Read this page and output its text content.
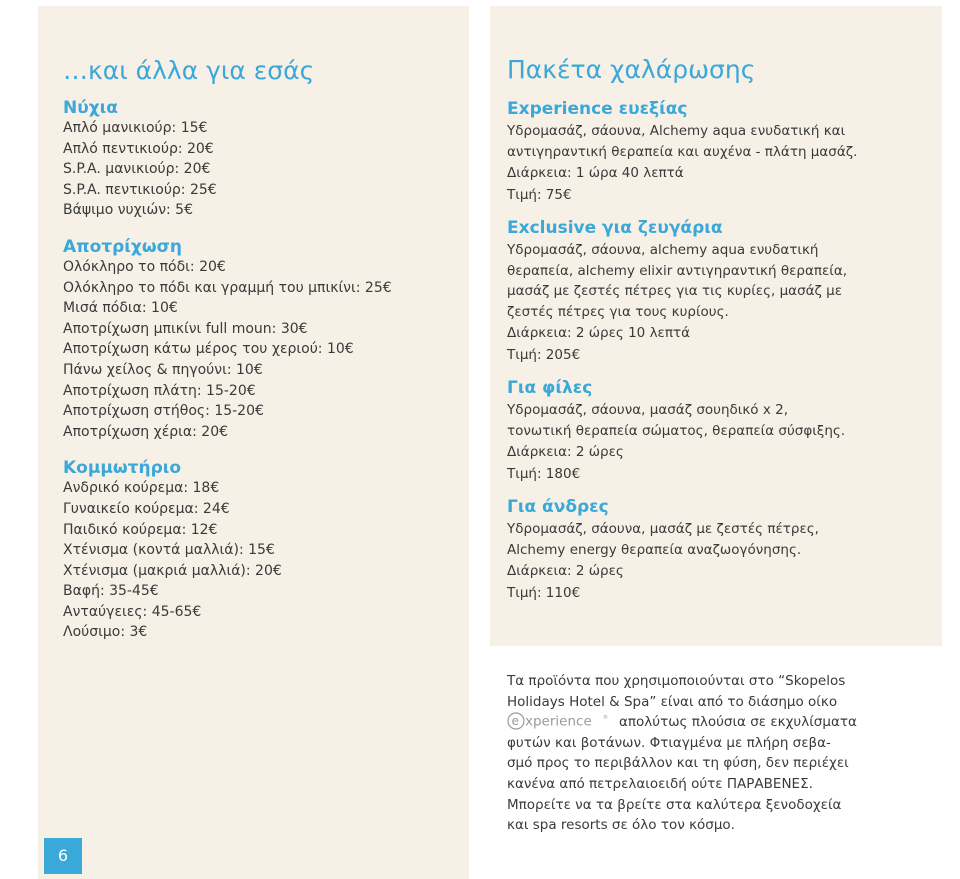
…και άλλα για εσάς	Πακέτα χαλάρωσης
Νύχια
Απλό μανικιούρ: 15€
Απλό πεντικιούρ: 20€
S.P.A. μανικιούρ: 20€
S.P.A. πεντικιούρ: 25€
Βάψιμο νυχιών: 5€
Αποτρίχωση
Ολόκληρο το πόδι: 20€
Ολόκληρο το πόδι και γραμμή του μπικίνι: 25€
Μισά πόδια: 10€
Αποτρίχωση μπικίνι full moun: 30€
Αποτρίχωση κάτω μέρος του χεριού: 10€
Πάνω χείλος & πηγούνι: 10€
Αποτρίχωση πλάτη: 15-20€
Αποτρίχωση στήθος: 15-20€
Αποτρίχωση χέρια: 20€
Κομμωτήριο
Ανδρικό κούρεμα: 18€
Γυναικείο κούρεμα: 24€
Παιδικό κούρεμα: 12€
Χτένισμα (κοντά μαλλιά): 15€
Χτένισμα (μακριά μαλλιά): 20€
Βαφή: 35-45€
Ανταύγειες: 45-65€
Λούσιμο: 3€
Experience ευεξίας
Υδρομασάζ, σάουνα, Alchemy aqua ενυδατική και
αντιγηραντική θεραπεία και αυχένα - πλάτη μασάζ.
Διάρκεια: 1 ώρα 40 λεπτά
Τιμή: 75€
Exclusive για ζευγάρια
Υδρομασάζ, σάουνα, alchemy aqua ενυδατική
θεραπεία, alchemy elixir αντιγηραντική θεραπεία,
μασάζ με ζεστές πέτρες για τις κυρίες, μασάζ με
ζεστές πέτρες για τους κυρίους.
Διάρκεια: 2 ώρες 10 λεπτά
Τιμή: 205€
Για φίλες
Υδρομασάζ, σάουνα, μασάζ σουηδικό x 2,
τονωτική θεραπεία σώματος, θεραπεία σύσφιξης.
Διάρκεια: 2 ώρες
Τιμή: 180€
Για άνδρες
Υδρομασάζ, σάουνα, μασάζ με ζεστές πέτρες,
Alchemy energy θεραπεία αναζωογόνησης.
Διάρκεια: 2 ώρες
Τιμή: 110€
Τα προϊόντα που χρησιμοποιούνται στο “Skopelos
Holidays Hotel & Spa” είναι από το διάσημο οίκο
e xperience ® απολύτως πλούσια σε εκχυλίσματα
φυτών και βοτάνων. Φτιαγμένα με πλήρη σεβα-
σμό προς το περιβάλλον και τη φύση, δεν περιέχει
κανένα από πετρελαιοειδή ούτε ΠΑΡΑΒΕΝΕΣ.
Μπορείτε να τα βρείτε στα καλύτερα ξενοδοχεία
και spa resorts σε όλο τον κόσμο.
6
